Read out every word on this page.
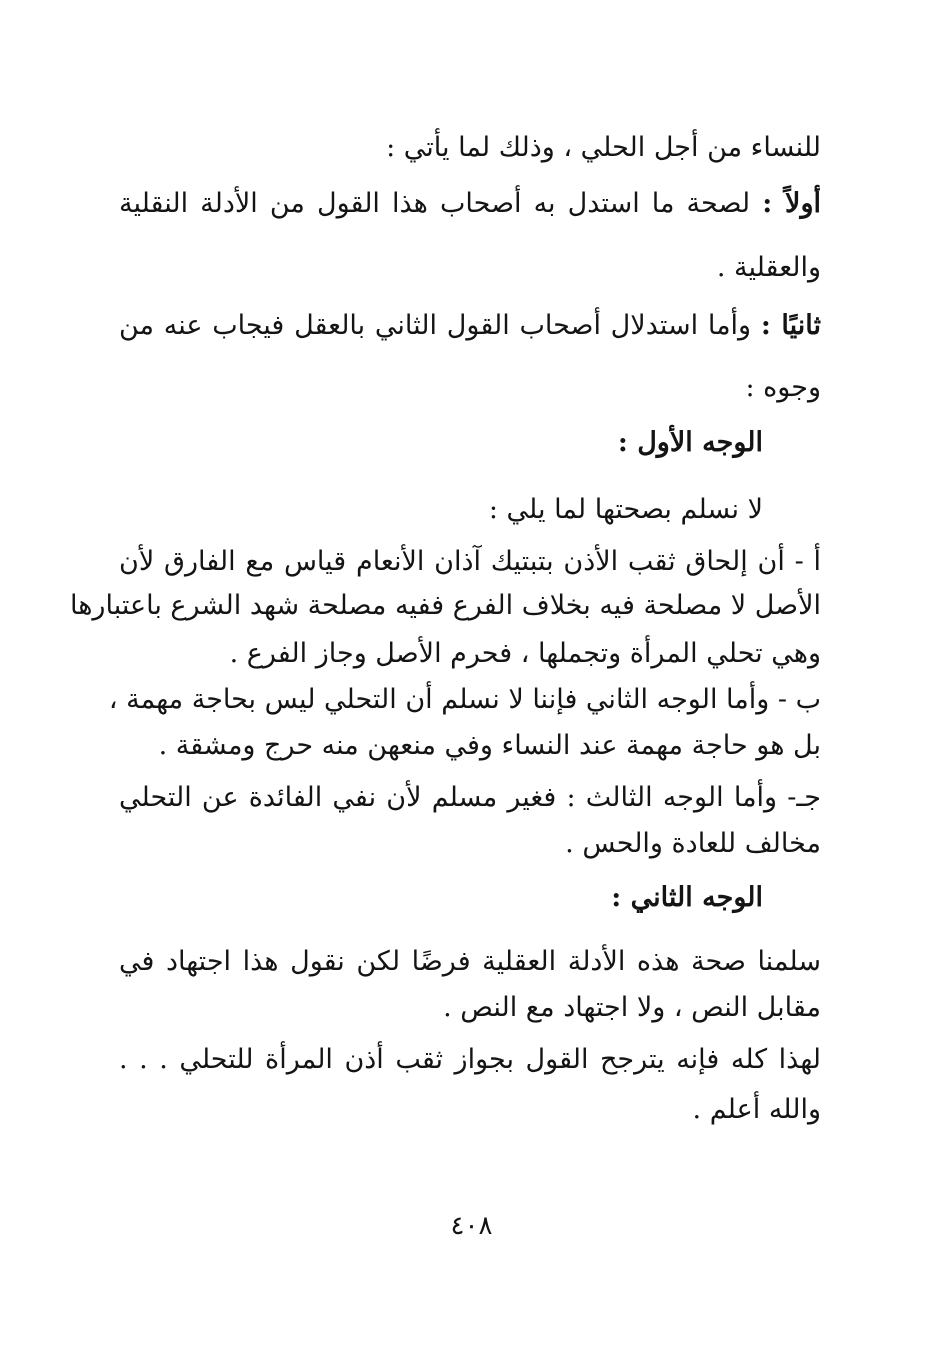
للنساء من أجل الحلي ، وذلك لما يأتي :
أولاً : لصحة ما استدل به أصحاب هذا القول من الأدلة النقلية
والعقلية .
ثانيًا : وأما استدلال أصحاب القول الثاني بالعقل فيجاب عنه من
وجوه :
الوجه الأول :
لا نسلم بصحتها لما يلي :
أ - أن إلحاق ثقب الأذن بتبتيك آذان الأنعام قياس مع الفارق لأن
الأصل لا مصلحة فيه بخلاف الفرع ففيه مصلحة شهد الشرع باعتبارها
وهي تحلي المرأة وتجملها ، فحرم الأصل وجاز الفرع .
ب - وأما الوجه الثاني فإننا لا نسلم أن التحلي ليس بحاجة مهمة ،
بل هو حاجة مهمة عند النساء وفي منعهن منه حرج ومشقة .
جـ- وأما الوجه الثالث : فغير مسلم لأن نفي الفائدة عن التحلي
مخالف للعادة والحس .
الوجه الثاني :
سلمنا صحة هذه الأدلة العقلية فرضًا لكن نقول هذا اجتهاد في
مقابل النص ، ولا اجتهاد مع النص .
لهذا كله فإنه يترجح القول بجواز ثقب أذن المرأة للتحلي . . .
والله أعلم .
٤٠٨
